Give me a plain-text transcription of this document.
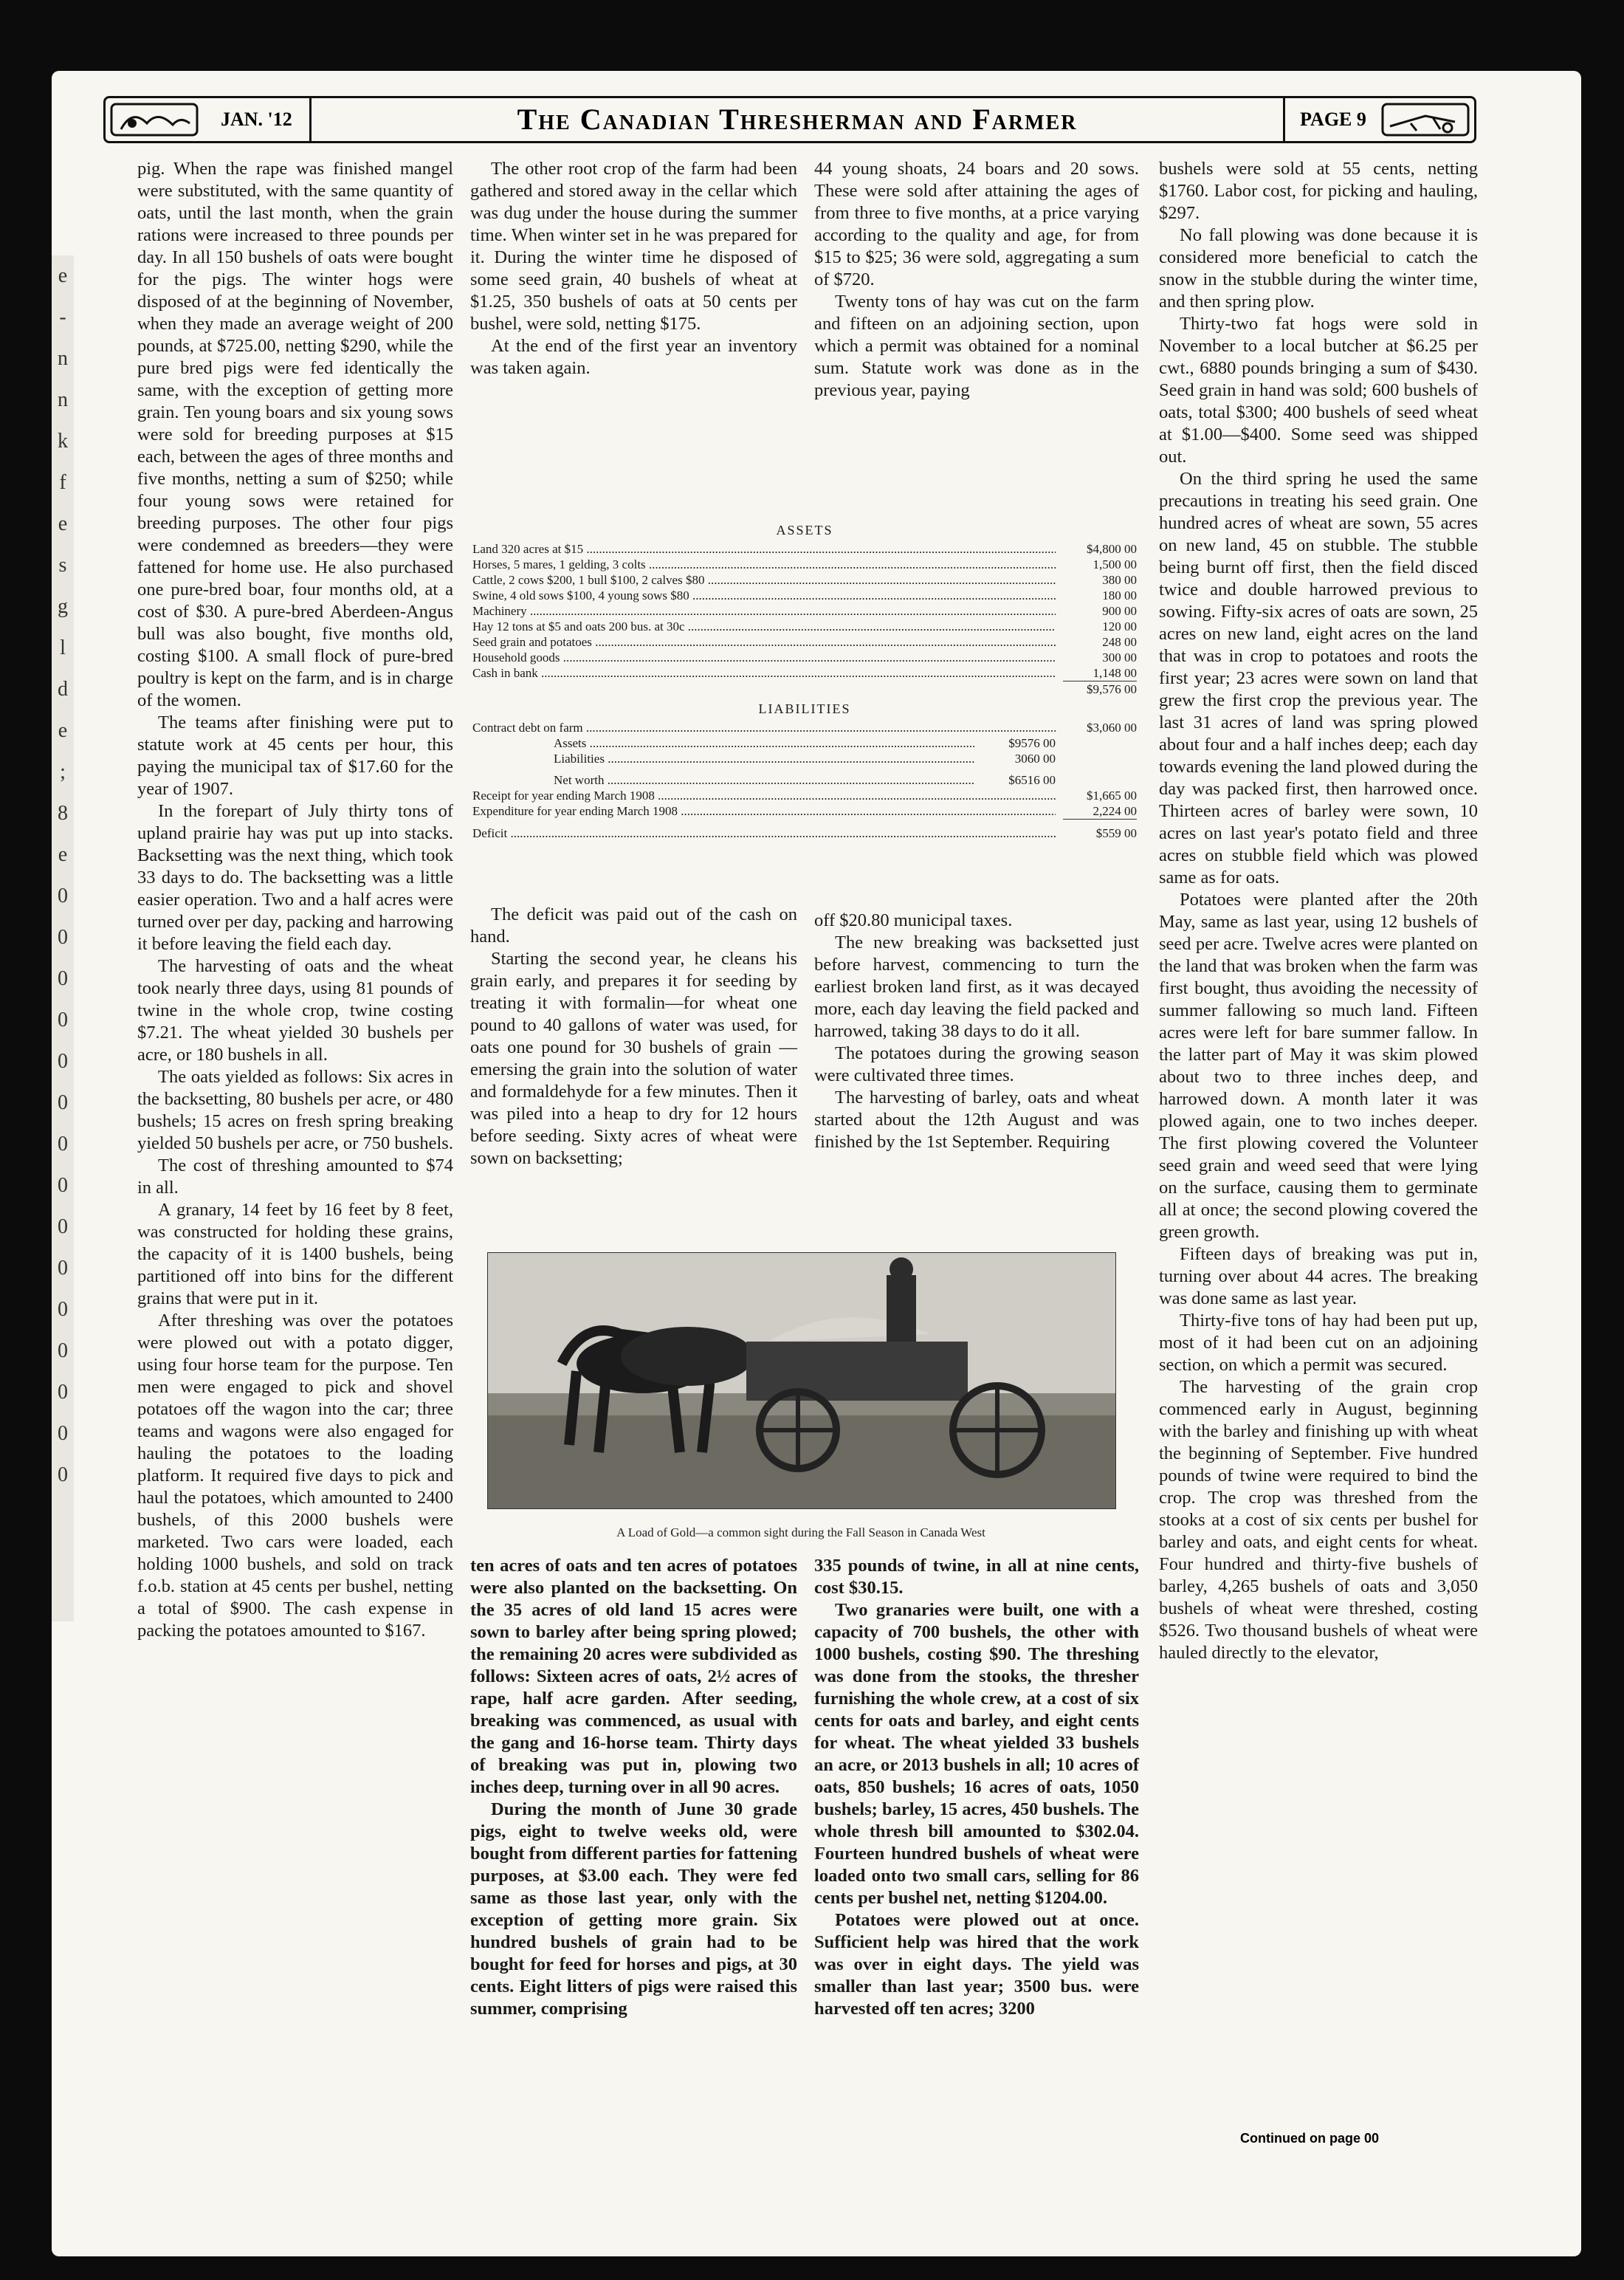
e
-
n
n
k
f
e
s
g
l
d
e
;
8
e
0
0
0
0
0
0
0
0
0
0
0
0
0
0
0
JAN. '12	The Canadian Thresherman and Farmer	PAGE 9

pig. When the rape was finished mangel were substituted, with the same quantity of oats, until the last month, when the grain rations were increased to three pounds per day. In all 150 bushels of oats were bought for the pigs. The winter hogs were disposed of at the beginning of November, when they made an average weight of 200 pounds, at $725.00, netting $290, while the pure bred pigs were fed identically the same, with the exception of getting more grain. Ten young boars and six young sows were sold for breeding purposes at $15 each, between the ages of three months and five months, netting a sum of $250; while four young sows were retained for breeding purposes. The other four pigs were condemned as breeders—they were fattened for home use. He also purchased one pure-bred boar, four months old, at a cost of $30. A pure-bred Aberdeen-Angus bull was also bought, five months old, costing $100. A small flock of pure-bred poultry is kept on the farm, and is in charge of the women.

The teams after finishing were put to statute work at 45 cents per hour, this paying the municipal tax of $17.60 for the year of 1907.

In the forepart of July thirty tons of upland prairie hay was put up into stacks. Backsetting was the next thing, which took 33 days to do. The backsetting was a little easier operation. Two and a half acres were turned over per day, packing and harrowing it before leaving the field each day.

The harvesting of oats and the wheat took nearly three days, using 81 pounds of twine in the whole crop, twine costing $7.21. The wheat yielded 30 bushels per acre, or 180 bushels in all.

The oats yielded as follows: Six acres in the backsetting, 80 bushels per acre, or 480 bushels; 15 acres on fresh spring breaking yielded 50 bushels per acre, or 750 bushels.

The cost of threshing amounted to $74 in all.

A granary, 14 feet by 16 feet by 8 feet, was constructed for holding these grains, the capacity of it is 1400 bushels, being partitioned off into bins for the different grains that were put in it.

After threshing was over the potatoes were plowed out with a potato digger, using four horse team for the purpose. Ten men were engaged to pick and shovel potatoes off the wagon into the car; three teams and wagons were also engaged for hauling the potatoes to the loading platform. It required five days to pick and haul the potatoes, which amounted to 2400 bushels, of this 2000 bushels were marketed. Two cars were loaded, each holding 1000 bushels, and sold on track f.o.b. station at 45 cents per bushel, netting a total of $900. The cash expense in packing the potatoes amounted to $167.

The other root crop of the farm had been gathered and stored away in the cellar which was dug under the house during the summer time. When winter set in he was prepared for it. During the winter time he disposed of some seed grain, 40 bushels of wheat at $1.25, 350 bushels of oats at 50 cents per bushel, were sold, netting $175.

At the end of the first year an inventory was taken again.

44 young shoats, 24 boars and 20 sows. These were sold after attaining the ages of from three to five months, at a price varying according to the quality and age, for from $15 to $25; 36 were sold, aggregating a sum of $720.

Twenty tons of hay was cut on the farm and fifteen on an adjoining section, upon which a permit was obtained for a nominal sum. Statute work was done as in the previous year, paying

ASSETS
Land 320 acres at $15 .....	$4,800 00
Horses, 5 mares, 1 gelding, 3 colts .....	1,500 00
Cattle, 2 cows $200, 1 bull $100, 2 calves $80 .....	380 00
Swine, 4 old sows $100, 4 young sows $80 .....	180 00
Machinery .....	900 00
Hay 12 tons at $5 and oats 200 bus. at 30c .....	120 00
Seed grain and potatoes .....	248 00
Household goods .....	300 00
Cash in bank .....	1,148 00
$9,576 00
LIABILITIES
Contract debt on farm .....	$3,060 00
Assets .....	$9576 00
Liabilities .....	3060 00
Net worth .....	$6516 00
Receipt for year ending March 1908 .....	$1,665 00
Expenditure for year ending March 1908 .....	2,224 00
Deficit .....	$559 00

The deficit was paid out of the cash on hand.

Starting the second year, he cleans his grain early, and prepares it for seeding by treating it with formalin—for wheat one pound to 40 gallons of water was used, for oats one pound for 30 bushels of grain — emersing the grain into the solution of water and formaldehyde for a few minutes. Then it was piled into a heap to dry for 12 hours before seeding. Sixty acres of wheat were sown on backsetting;

off $20.80 municipal taxes.

The new breaking was backsetted just before harvest, commencing to turn the earliest broken land first, as it was decayed more, each day leaving the field packed and harrowed, taking 38 days to do it all.

The potatoes during the growing season were cultivated three times.

The harvesting of barley, oats and wheat started about the 12th August and was finished by the 1st September. Requiring

A Load of Gold—a common sight during the Fall Season in Canada West

ten acres of oats and ten acres of potatoes were also planted on the backsetting. On the 35 acres of old land 15 acres were sown to barley after being spring plowed; the remaining 20 acres were subdivided as follows: Sixteen acres of oats, 2½ acres of rape, half acre garden. After seeding, breaking was commenced, as usual with the gang and 16-horse team. Thirty days of breaking was put in, plowing two inches deep, turning over in all 90 acres.

During the month of June 30 grade pigs, eight to twelve weeks old, were bought from different parties for fattening purposes, at $3.00 each. They were fed same as those last year, only with the exception of getting more grain. Six hundred bushels of grain had to be bought for feed for horses and pigs, at 30 cents. Eight litters of pigs were raised this summer, comprising

335 pounds of twine, in all at nine cents, cost $30.15.

Two granaries were built, one with a capacity of 700 bushels, the other with 1000 bushels, costing $90. The threshing was done from the stooks, the thresher furnishing the whole crew, at a cost of six cents for oats and barley, and eight cents for wheat. The wheat yielded 33 bushels an acre, or 2013 bushels in all; 10 acres of oats, 850 bushels; 16 acres of oats, 1050 bushels; barley, 15 acres, 450 bushels. The whole thresh bill amounted to $302.04. Fourteen hundred bushels of wheat were loaded onto two small cars, selling for 86 cents per bushel net, netting $1204.00.

Potatoes were plowed out at once. Sufficient help was hired that the work was over in eight days. The yield was smaller than last year; 3500 bus. were harvested off ten acres; 3200

bushels were sold at 55 cents, netting $1760. Labor cost, for picking and hauling, $297.

No fall plowing was done because it is considered more beneficial to catch the snow in the stubble during the winter time, and then spring plow.

Thirty-two fat hogs were sold in November to a local butcher at $6.25 per cwt., 6880 pounds bringing a sum of $430. Seed grain in hand was sold; 600 bushels of oats, total $300; 400 bushels of seed wheat at $1.00—$400. Some seed was shipped out.

On the third spring he used the same precautions in treating his seed grain. One hundred acres of wheat are sown, 55 acres on new land, 45 on stubble. The stubble being burnt off first, then the field disced twice and double harrowed previous to sowing. Fifty-six acres of oats are sown, 25 acres on new land, eight acres on the land that was in crop to potatoes and roots the first year; 23 acres were sown on land that grew the first crop the previous year. The last 31 acres of land was spring plowed about four and a half inches deep; each day towards evening the land plowed during the day was packed first, then harrowed once. Thirteen acres of barley were sown, 10 acres on last year's potato field and three acres on stubble field which was plowed same as for oats.

Potatoes were planted after the 20th May, same as last year, using 12 bushels of seed per acre. Twelve acres were planted on the land that was broken when the farm was first bought, thus avoiding the necessity of summer fallowing so much land. Fifteen acres were left for bare summer fallow. In the latter part of May it was skim plowed about two to three inches deep, and harrowed down. A month later it was plowed again, one to two inches deeper. The first plowing covered the Volunteer seed grain and weed seed that were lying on the surface, causing them to germinate all at once; the second plowing covered the green growth.

Fifteen days of breaking was put in, turning over about 44 acres. The breaking was done same as last year.

Thirty-five tons of hay had been put up, most of it had been cut on an adjoining section, on which a permit was secured.

The harvesting of the grain crop commenced early in August, beginning with the barley and finishing up with wheat the beginning of September. Five hundred pounds of twine were required to bind the crop. The crop was threshed from the stooks at a cost of six cents per bushel for barley and oats, and eight cents for wheat. Four hundred and thirty-five bushels of barley, 4,265 bushels of oats and 3,050 bushels of wheat were threshed, costing $526. Two thousand bushels of wheat were hauled directly to the elevator,

Continued on page 00
